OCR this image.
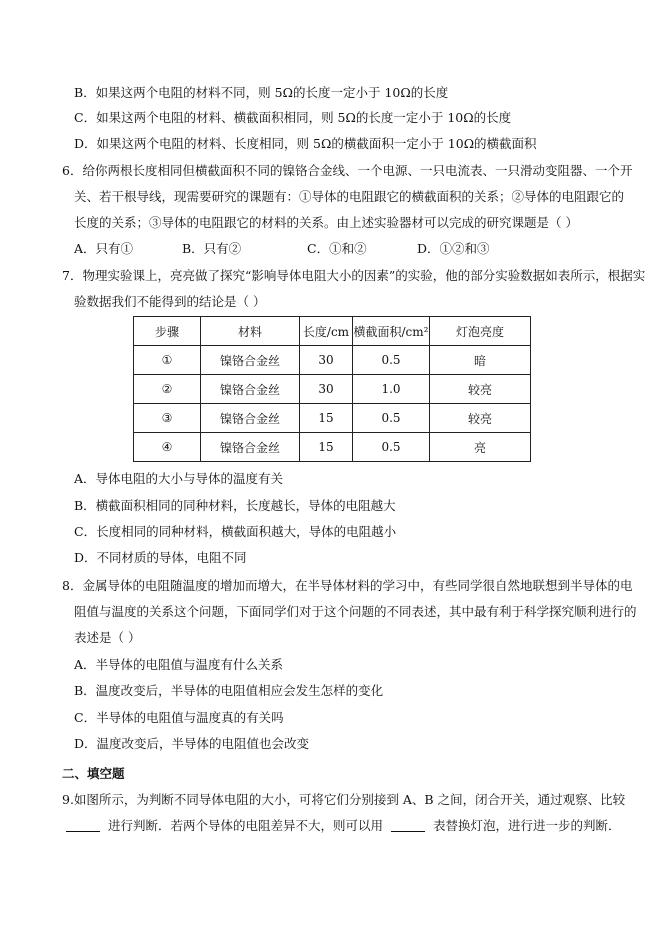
B．如果这两个电阻的材料不同，则 5Ω的长度一定小于 10Ω的长度
C．如果这两个电阻的材料、横截面积相同，则 5Ω的长度一定小于 10Ω的长度
D．如果这两个电阻的材料、长度相同，则 5Ω的横截面积一定小于 10Ω的横截面积
6．给你两根长度相同但横截面积不同的镍铬合金线、一个电源、一只电流表、一只滑动变阻器、一个开
关、若干根导线，现需要研究的课题有：①导体的电阻跟它的横截面积的关系；②导体的电阻跟它的
长度的关系；③导体的电阻跟它的材料的关系。由上述实验器材可以完成的研究课题是（ ）
A．只有①	B．只有②	C．①和②	D．①②和③
7．物理实验课上，亮亮做了探究“影响导体电阻大小的因素”的实验，他的部分实验数据如表所示，根据实
验数据我们不能得到的结论是（ ）
步骤	材料	长度/cm	横截面积/cm²	灯泡亮度
①	镍铬合金丝	30	0.5	暗
②	镍铬合金丝	30	1.0	较亮
③	镍铬合金丝	15	0.5	较亮
④	镍铬合金丝	15	0.5	亮
A．导体电阻的大小与导体的温度有关
B．横截面积相同的同种材料，长度越长，导体的电阻越大
C．长度相同的同种材料，横截面积越大，导体的电阻越小
D．不同材质的导体，电阻不同
8．金属导体的电阻随温度的增加而增大，在半导体材料的学习中，有些同学很自然地联想到半导体的电
阻值与温度的关系这个问题，下面同学们对于这个问题的不同表述，其中最有利于科学探究顺利进行的
表述是（ ）
A．半导体的电阻值与温度有什么关系
B．温度改变后，半导体的电阻值相应会发生怎样的变化
C．半导体的电阻值与温度真的有关吗
D．温度改变后，半导体的电阻值也会改变
二、填空题
9.如图所示，为判断不同导体电阻的大小，可将它们分别接到 A、B 之间，闭合开关，通过观察、比较
进行判断．若两个导体的电阻差异不大，则可以用	表替换灯泡，进行进一步的判断．
